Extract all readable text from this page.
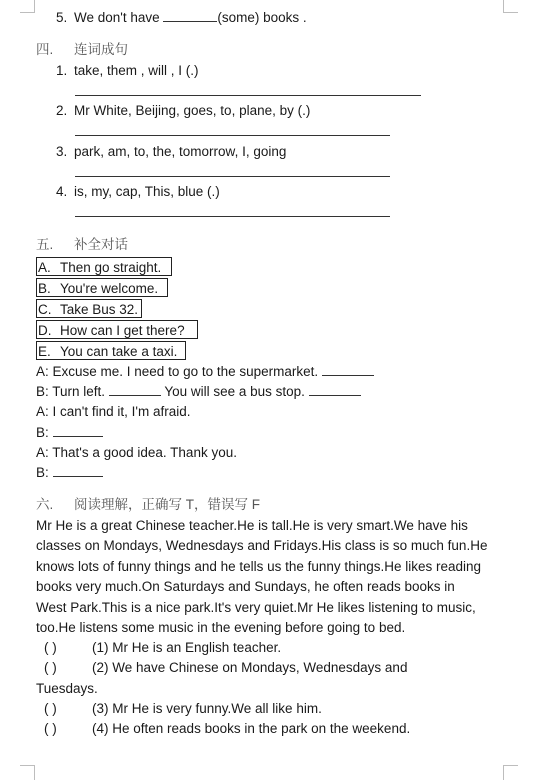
5. We don't have	(some) books .
四. 连词成句
1. take, them , will , I (.)
2. Mr White, Beijing, goes, to, plane, by (.)
3. park, am, to, the, tomorrow, I, going
4. is, my, cap, This, blue (.)
五. 补全对话
A. Then go straight.
B. You're welcome.
C. Take Bus 32.
D. How can I get there?
E. You can take a taxi.
A: Excuse me. I need to go to the supermarket.
B: Turn left.	You will see a bus stop.
A: I can't find it, I'm afraid.
B:
A: That's a good idea. Thank you.
B:
六. 阅读理解，正确写 T，错误写 F
Mr He is a great Chinese teacher.He is tall.He is very smart.We have his
classes on Mondays, Wednesdays and Fridays.His class is so much fun.He
knows lots of funny things and he tells us the funny things.He likes reading
books very much.On Saturdays and Sundays, he often reads books in
West Park.This is a nice park.It's very quiet.Mr He likes listening to music,
too.He listens some music in the evening before going to bed.
( )	(1) Mr He is an English teacher.
( )	(2) We have Chinese on Mondays, Wednesdays and
Tuesdays.
( )	(3) Mr He is very funny.We all like him.
( )	(4) He often reads books in the park on the weekend.
